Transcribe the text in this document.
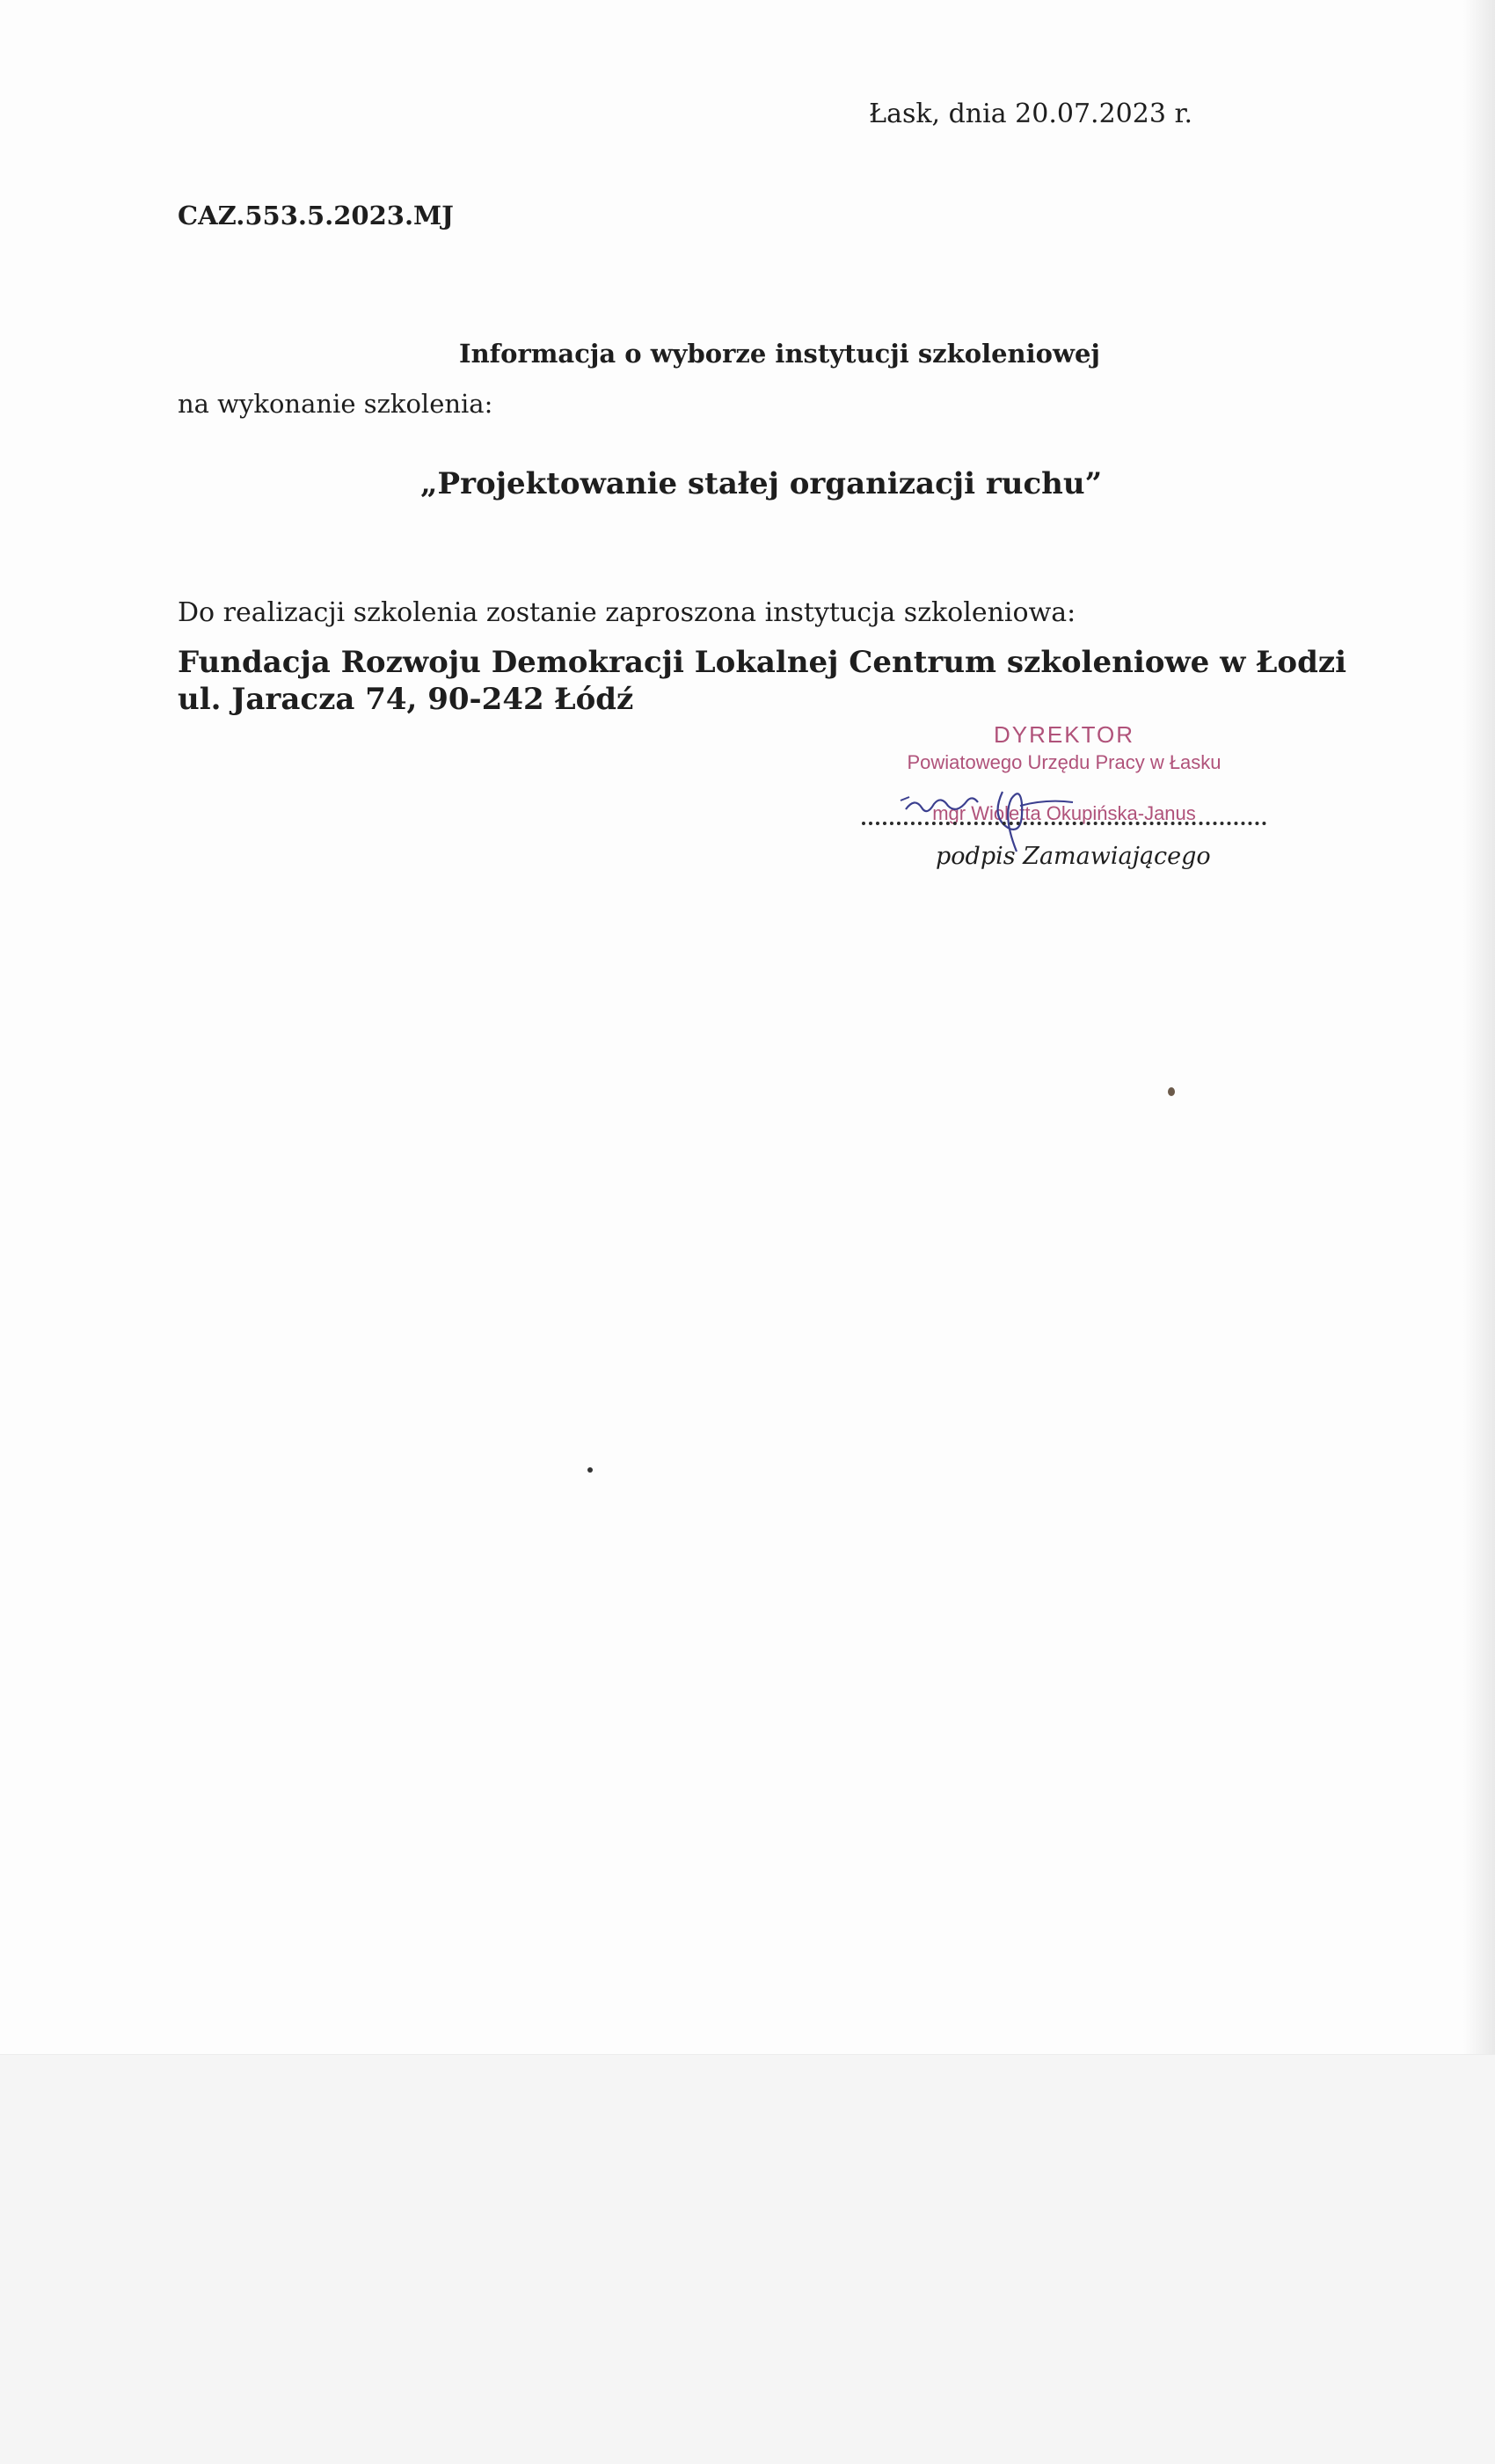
Łask, dnia 20.07.2023 r.
CAZ.553.5.2023.MJ
Informacja o wyborze instytucji szkoleniowej
na wykonanie szkolenia:
„Projektowanie stałej organizacji ruchu”
Do realizacji szkolenia zostanie zaproszona instytucja szkoleniowa:
Fundacja Rozwoju Demokracji Lokalnej Centrum szkoleniowe w Łodzi
ul. Jaracza 74, 90-242 Łódź
DYREKTOR
Powiatowego Urzędu Pracy w Łasku
mgr Wioletta Okupińska-Janus
podpis Zamawiającego
